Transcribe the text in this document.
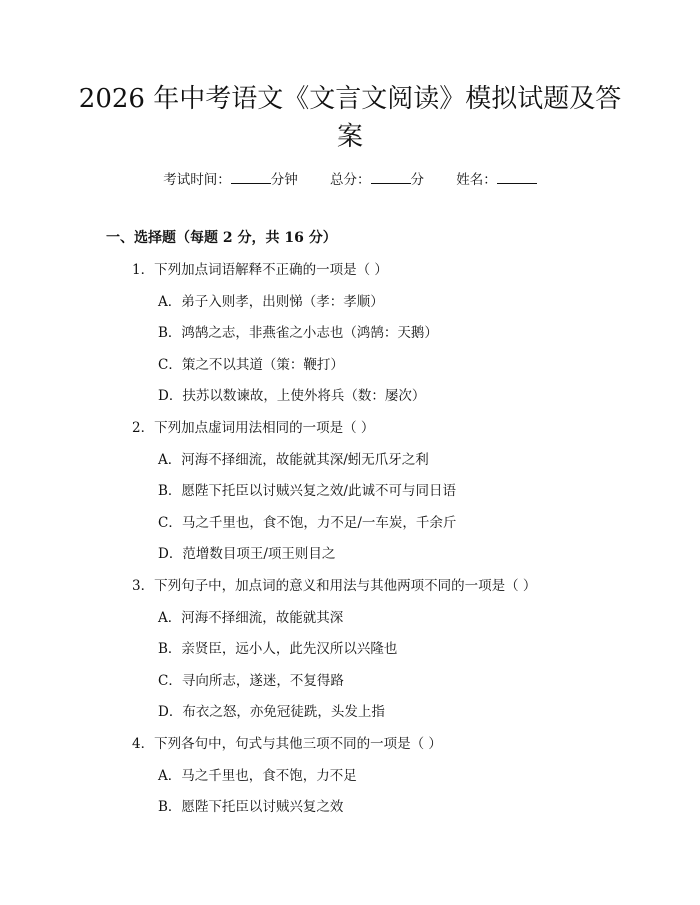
2026 年中考语文《文言文阅读》模拟试题及答案
考试时间：	分钟 总分：	分 姓名：
一、选择题（每题 2 分，共 16 分）
1．下列加点词语解释不正确的一项是（ ）
A．弟子入则孝，出则悌（孝：孝顺）
B．鸿鹄之志，非燕雀之小志也（鸿鹄：天鹅）
C．策之不以其道（策：鞭打）
D．扶苏以数谏故，上使外将兵（数：屡次）
2．下列加点虚词用法相同的一项是（ ）
A．河海不择细流，故能就其深/蚓无爪牙之利
B．愿陛下托臣以讨贼兴复之效/此诚不可与同日语
C．马之千里也，食不饱，力不足/一车炭，千余斤
D．范增数目项王/项王则目之
3．下列句子中，加点词的意义和用法与其他两项不同的一项是（ ）
A．河海不择细流，故能就其深
B．亲贤臣，远小人，此先汉所以兴隆也
C．寻向所志，遂迷，不复得路
D．布衣之怒，亦免冠徒跣，头发上指
4．下列各句中，句式与其他三项不同的一项是（ ）
A．马之千里也，食不饱，力不足
B．愿陛下托臣以讨贼兴复之效
